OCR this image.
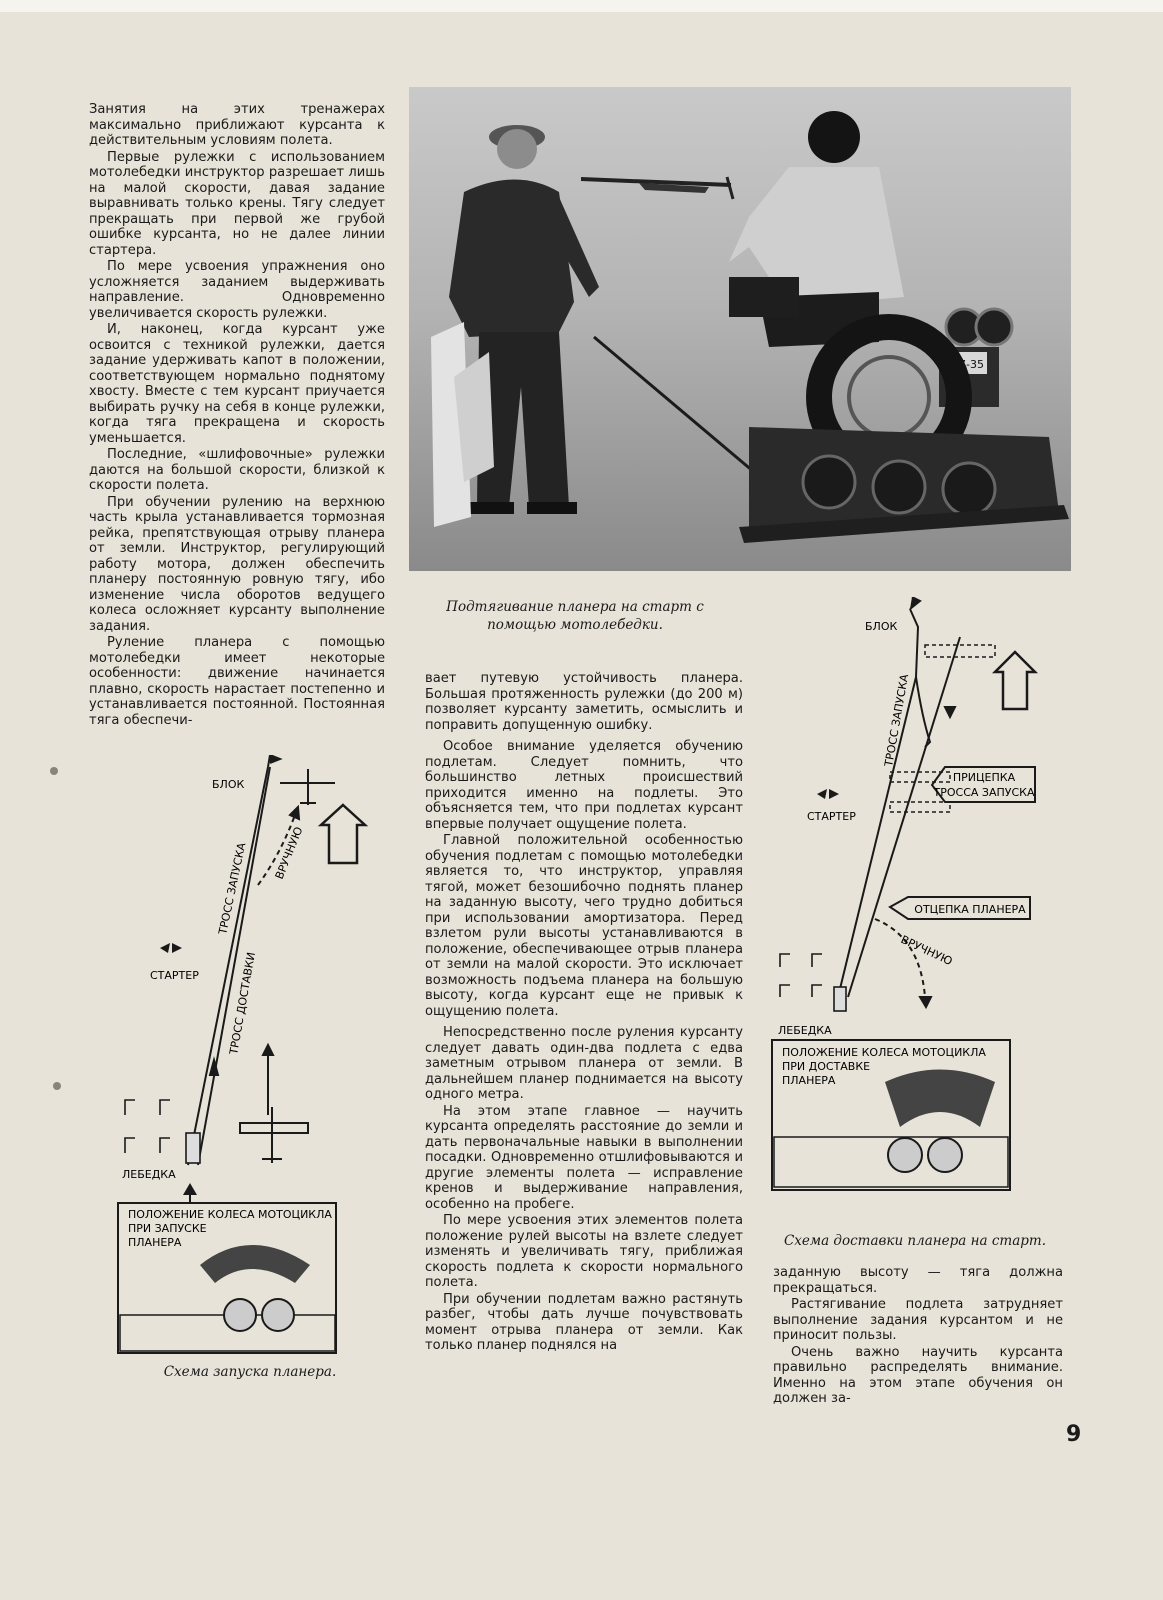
Занятия на этих тренажерах максимально приближают курсанта к действительным условиям полета.

Первые рулежки с использованием мотолебедки инструктор разрешает лишь на малой скорости, давая задание выравнивать только крены. Тягу следует прекращать при первой же грубой ошибке курсанта, но не далее линии стартера.

По мере усвоения упражнения оно усложняется заданием выдерживать направление. Одновременно увеличивается скорость рулежки.

И, наконец, когда курсант уже освоится с техникой рулежки, дается задание удерживать капот в положении, соответствующем нормально поднятому хвосту. Вместе с тем курсант приучается выбирать ручку на себя в конце рулежки, когда тяга прекращена и скорость уменьшается.

Последние, «шлифовочные» рулежки даются на большой скорости, близкой к скорости полета.

При обучении рулению на верхнюю часть крыла устанавливается тормозная рейка, препятствующая отрыву планера от земли. Инструктор, регулирующий работу мотора, должен обеспечить планеру постоянную ровную тягу, ибо изменение числа оборотов ведущего колеса осложняет курсанту выполнение задания.

Руление планера с помощью мотолебедки имеет некоторые особенности: движение начинается плавно, скорость нарастает постепенно и устанавливается постоянной. Постоянная тяга обеспечи-

37-35
Подтягивание планера на старт с помощью мотолебедки.

вает путевую устойчивость планера. Большая протяженность рулежки (до 200 м) позволяет курсанту заметить, осмыслить и поправить допущенную ошибку.

Особое внимание уделяется обучению подлетам. Следует помнить, что большинство летных происшествий приходится именно на подлеты. Это объясняется тем, что при подлетах курсант впервые получает ощущение полета.

Главной положительной особенностью обучения подлетам с помощью мотолебедки является то, что инструктор, управляя тягой, может безошибочно поднять планер на заданную высоту, чего трудно добиться при использовании амортизатора. Перед взлетом рули высоты устанавливаются в положение, обеспечивающее отрыв планера от земли на малой скорости. Это исключает возможность подъема планера на большую высоту, когда курсант еще не привык к ощущению полета.

Непосредственно после руления курсанту следует давать один-два подлета с едва заметным отрывом планера от земли. В дальнейшем планер поднимается на высоту одного метра.

На этом этапе главное — научить курсанта определять расстояние до земли и дать первоначальные навыки в выполнении посадки. Одновременно отшлифовываются и другие элементы полета — исправление кренов и выдерживание направления, особенно на пробеге.

По мере усвоения этих элементов полета положение рулей высоты на взлете следует изменять и увеличивать тягу, приближая скорость подлета к скорости нормального полета.

При обучении подлетам важно растянуть разбег, чтобы дать лучше почувствовать момент отрыва планера от земли. Как только планер поднялся на

БЛОК
СТАРТЕР
ЛЕБЕДКА
ТРОСС ЗАПУСКА
ТРОСС ДОСТАВКИ
ВРУЧНУЮ
ПОЛОЖЕНИЕ КОЛЕСА МОТОЦИКЛА
ПРИ ЗАПУСКЕ
ПЛАНЕРА
Схема запуска планера.
ПРИЦЕПКА
ТРОССА ЗАПУСКА
ОТЦЕПКА ПЛАНЕРА
БЛОК
СТАРТЕР
ЛЕБЕДКА
ТРОСС ЗАПУСКА
ВРУЧНУЮ
ПОЛОЖЕНИЕ КОЛЕСА МОТОЦИКЛА
ПРИ ДОСТАВКЕ
ПЛАНЕРА
Схема доставки планера на старт.

заданную высоту — тяга должна прекращаться.

Растягивание подлета затрудняет выполнение задания курсантом и не приносит пользы.

Очень важно научить курсанта правильно распределять внимание. Именно на этом этапе обучения он должен за-

9
